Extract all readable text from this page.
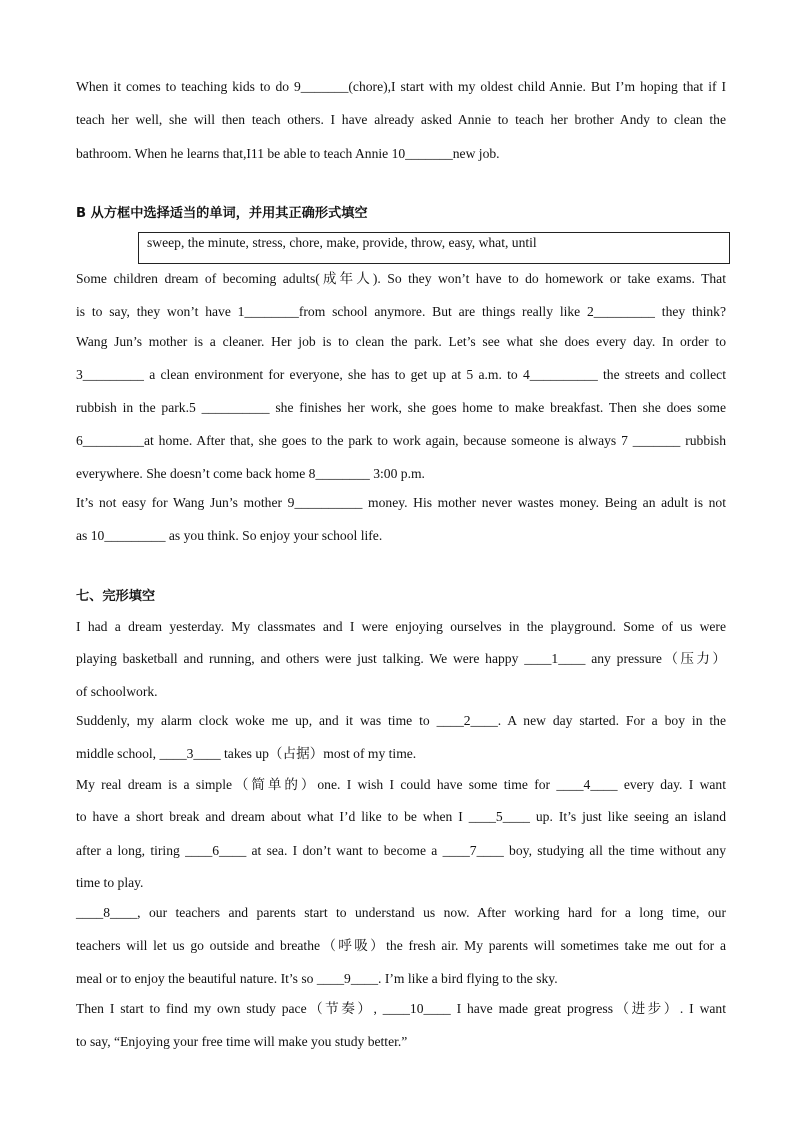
When it comes to teaching kids to do 9_______(chore),I start with my oldest child Annie. But I’m hoping that if I
teach her well, she will then teach others. I have already asked Annie to teach her brother Andy to clean the
bathroom. When he learns that,I11 be able to teach Annie 10_______new job.
B 从方框中选择适当的单词，并用其正确形式填空
sweep, the minute, stress, chore, make, provide, throw, easy, what, until
Some children dream of becoming adults(成年人). So they won’t have to do homework or take exams. That
is to say, they won’t have 1________from school anymore. But are things really like 2_________ they think?
Wang Jun’s mother is a cleaner. Her job is to clean the park. Let’s see what she does every day. In order to
3_________ a clean environment for everyone, she has to get up at 5 a.m. to 4__________ the streets and collect
rubbish in the park.5 __________ she finishes her work, she goes home to make breakfast. Then she does some
6_________at home. After that, she goes to the park to work again, because someone is always 7 _______ rubbish
everywhere. She doesn’t come back home 8________ 3:00 p.m.
It’s not easy for Wang Jun’s mother 9__________ money. His mother never wastes money. Being an adult is not
as 10_________ as you think. So enjoy your school life.
七、完形填空
I had a dream yesterday. My classmates and I were enjoying ourselves in the playground. Some of us were
playing basketball and running, and others were just talking. We were happy ____1____ any pressure（压力）
of schoolwork.
Suddenly, my alarm clock woke me up, and it was time to ____2____. A new day started. For a boy in the
middle school, ____3____ takes up（占据）most of my time.
My real dream is a simple（简单的）one. I wish I could have some time for ____4____ every day. I want
to have a short break and dream about what I’d like to be when I ____5____ up. It’s just like seeing an island
after a long, tiring ____6____ at sea. I don’t want to become a ____7____ boy, studying all the time without any
time to play.
____8____, our teachers and parents start to understand us now. After working hard for a long time, our
teachers will let us go outside and breathe（呼吸）the fresh air. My parents will sometimes take me out for a
meal or to enjoy the beautiful nature. It’s so ____9____. I’m like a bird flying to the sky.
Then I start to find my own study pace（节奏）, ____10____ I have made great progress（进步）. I want
to say, “Enjoying your free time will make you study better.”
